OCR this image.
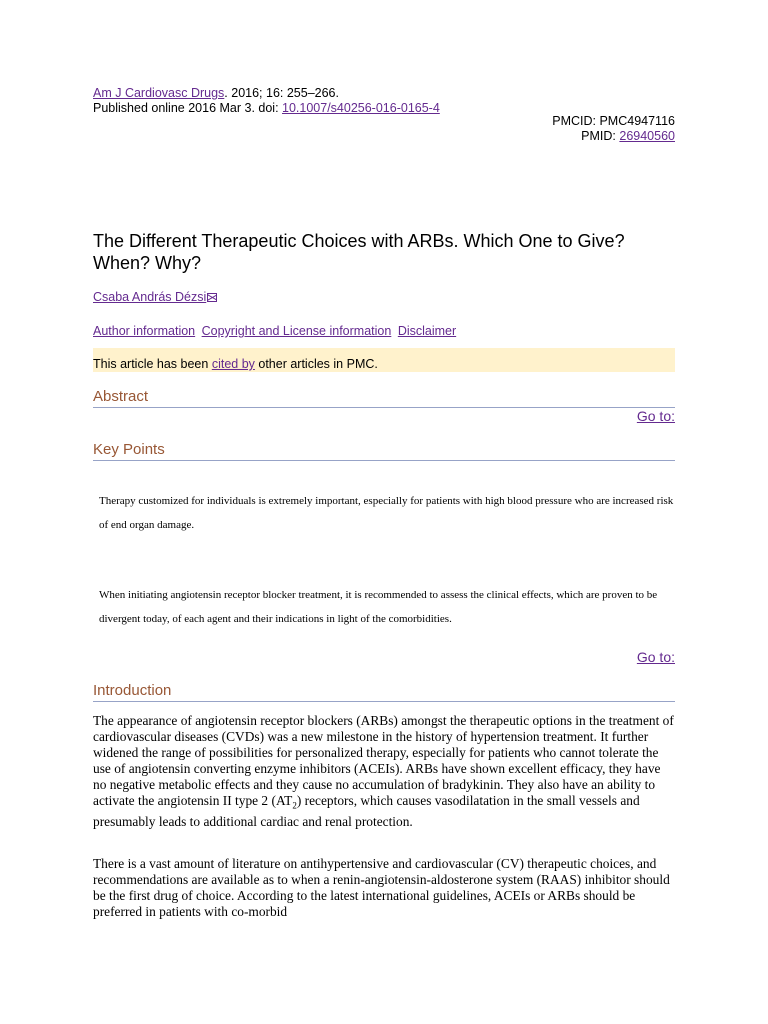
Am J Cardiovasc Drugs. 2016; 16: 255–266.
Published online 2016 Mar 3. doi: 10.1007/s40256-016-0165-4
PMCID: PMC4947116
PMID: 26940560
The Different Therapeutic Choices with ARBs. Which One to Give? When? Why?
Csaba András Dézsi
Author information Copyright and License information Disclaimer
This article has been cited by other articles in PMC.
Abstract
Go to:
Key Points

Therapy customized for individuals is extremely important, especially for patients with high blood pressure who are increased risk of end organ damage.

When initiating angiotensin receptor blocker treatment, it is recommended to assess the clinical effects, which are proven to be divergent today, of each agent and their indications in light of the comorbidities.

Go to:
Introduction

The appearance of angiotensin receptor blockers (ARBs) amongst the therapeutic options in the treatment of cardiovascular diseases (CVDs) was a new milestone in the history of hypertension treatment. It further widened the range of possibilities for personalized therapy, especially for patients who cannot tolerate the use of angiotensin converting enzyme inhibitors (ACEIs). ARBs have shown excellent efficacy, they have no negative metabolic effects and they cause no accumulation of bradykinin. They also have an ability to activate the angiotensin II type 2 $(AT_2)$ receptors, which causes vasodilatation in the small vessels and presumably leads to additional cardiac and renal protection.

There is a vast amount of literature on antihypertensive and cardiovascular (CV) therapeutic choices, and recommendations are available as to when a renin-angiotensin-aldosterone system (RAAS) inhibitor should be the first drug of choice. According to the latest international guidelines, ACEIs or ARBs should be preferred in patients with co-morbid
